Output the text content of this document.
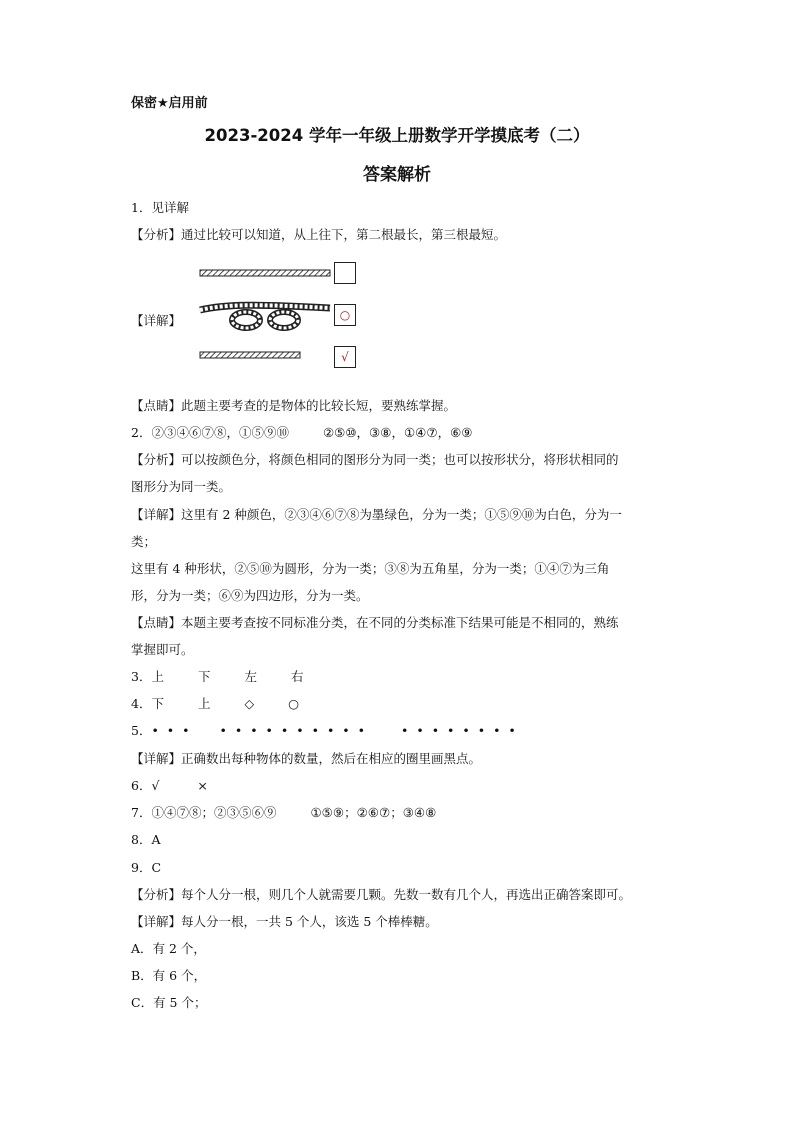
保密★启用前
2023-2024 学年一年级上册数学开学摸底考（二）
答案解析
1．见详解
【分析】通过比较可以知道，从上往下，第二根最长，第三根最短。
【详解】	○
√
【点睛】此题主要考查的是物体的比较长短，要熟练掌握。
2．②③④⑥⑦⑧，①⑤⑨⑩	②⑤⑩，③⑧，①④⑦，⑥⑨
【分析】可以按颜色分，将颜色相同的图形分为同一类；也可以按形状分，将形状相同的
图形分为同一类。
【详解】这里有 2 种颜色，②③④⑥⑦⑧为墨绿色，分为一类；①⑤⑨⑩为白色，分为一
类；
这里有 4 种形状，②⑤⑩为圆形，分为一类；③⑧为五角星，分为一类；①④⑦为三角
形，分为一类；⑥⑨为四边形，分为一类。
【点睛】本题主要考查按不同标准分类，在不同的分类标准下结果可能是不相同的，熟练
掌握即可。
3．上	下	左	右
4．下	上	◇	○
5．• • • • • • • • • • • • •	• • • • • • • •
【详解】正确数出每种物体的数量，然后在相应的圈里画黑点。
6．√	×
7．①④⑦⑧；②③⑤⑥⑨	①⑤⑨；②⑥⑦；③④⑧
8．A
9．C
【分析】每个人分一根，则几个人就需要几颗。先数一数有几个人，再选出正确答案即可。
【详解】每人分一根，一共 5 个人，该选 5 个棒棒糖。
A．有 2 个，
B．有 6 个，
C．有 5 个；
